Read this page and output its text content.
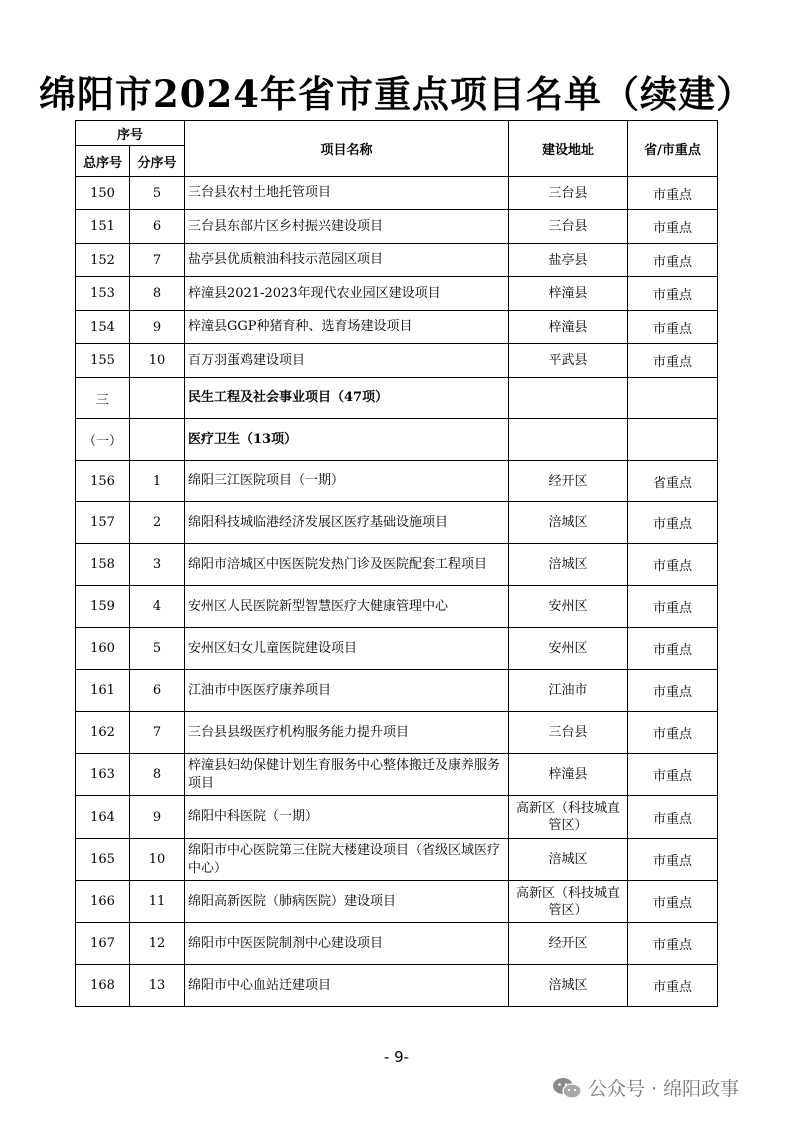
绵阳市2024年省市重点项目名单（续建）
序号		项目名称	建设地址	省/市重点
总序号	分序号			
150	5	三台县农村土地托管项目	三台县	市重点
151	6	三台县东部片区乡村振兴建设项目	三台县	市重点
152	7	盐亭县优质粮油科技示范园区项目	盐亭县	市重点
153	8	梓潼县2021-2023年现代农业园区建设项目	梓潼县	市重点
154	9	梓潼县GGP种猪育种、选育场建设项目	梓潼县	市重点
155	10	百万羽蛋鸡建设项目	平武县	市重点
三		民生工程及社会事业项目（47项）		
（一）		医疗卫生（13项）		
156	1	绵阳三江医院项目（一期）	经开区	省重点
157	2	绵阳科技城临港经济发展区医疗基础设施项目	涪城区	市重点
158	3	绵阳市涪城区中医医院发热门诊及医院配套工程项目	涪城区	市重点
159	4	安州区人民医院新型智慧医疗大健康管理中心	安州区	市重点
160	5	安州区妇女儿童医院建设项目	安州区	市重点
161	6	江油市中医医疗康养项目	江油市	市重点
162	7	三台县县级医疗机构服务能力提升项目	三台县	市重点
163	8	梓潼县妇幼保健计划生育服务中心整体搬迁及康养服务项目	梓潼县	市重点
164	9	绵阳中科医院（一期）	高新区（科技城直管区）	市重点
165	10	绵阳市中心医院第三住院大楼建设项目（省级区域医疗中心）	涪城区	市重点
166	11	绵阳高新医院（肺病医院）建设项目	高新区（科技城直管区）	市重点
167	12	绵阳市中医医院制剂中心建设项目	经开区	市重点
168	13	绵阳市中心血站迁建项目	涪城区	市重点
- 9-
公众号 · 绵阳政事
